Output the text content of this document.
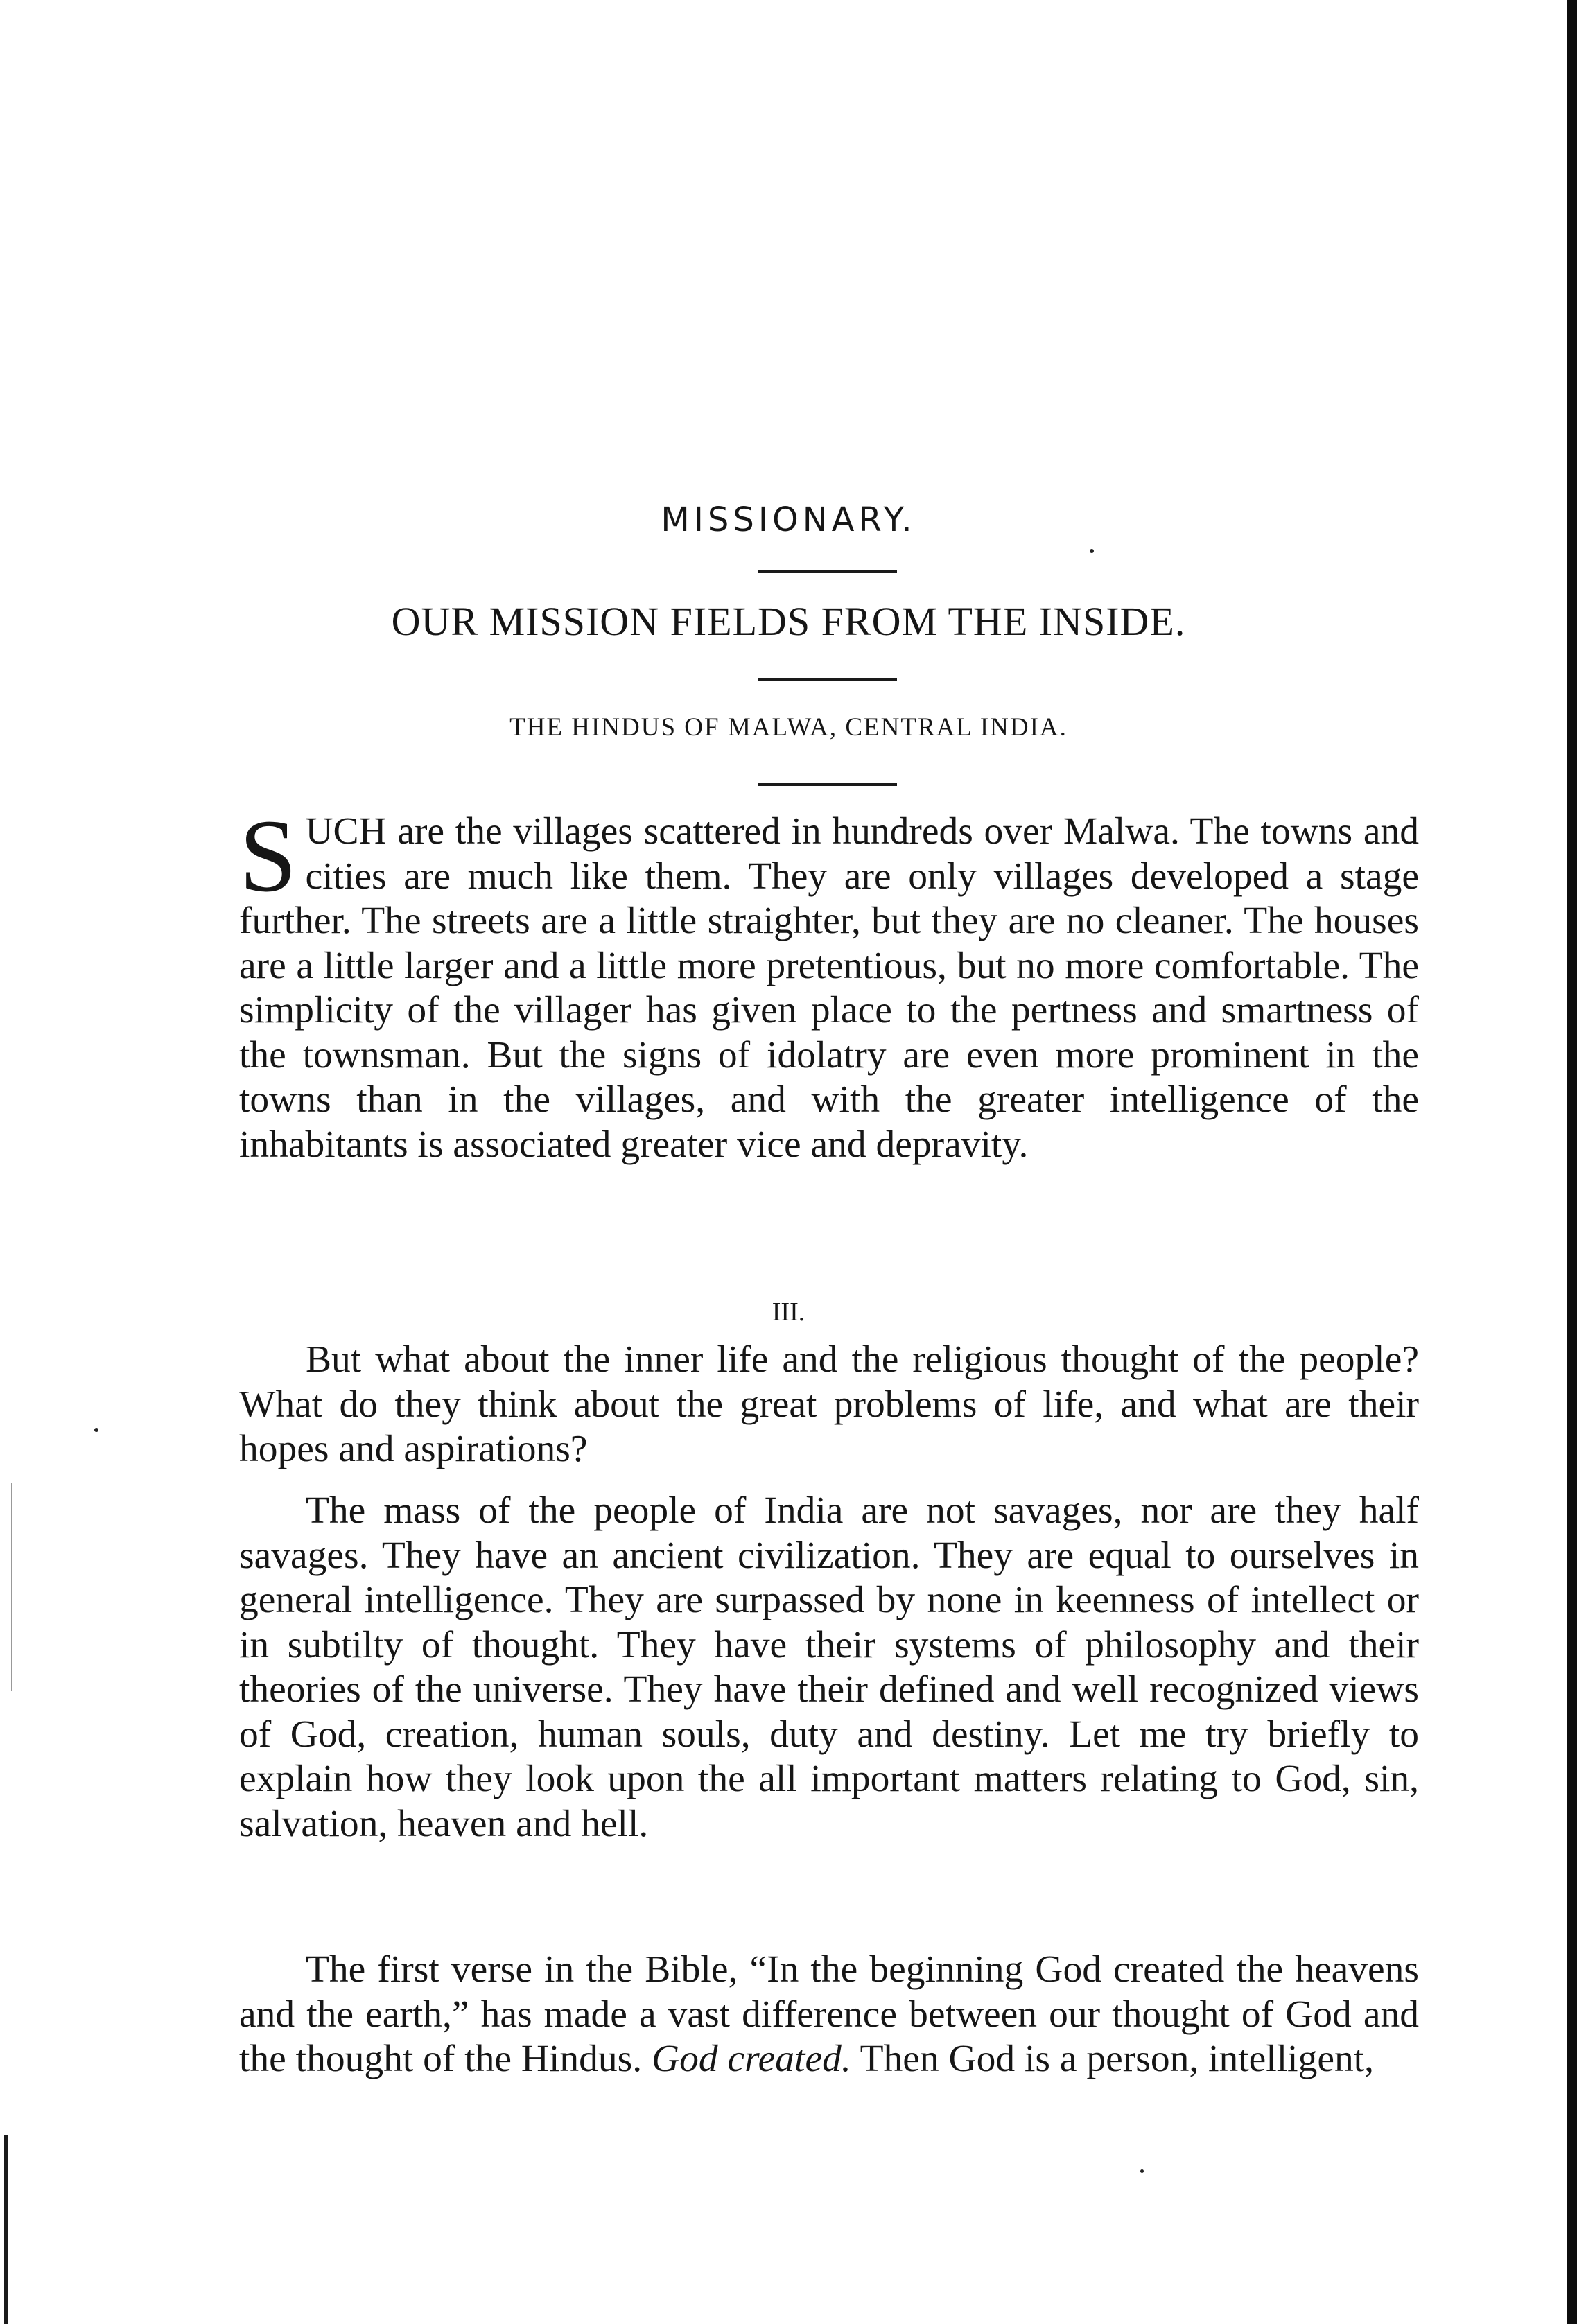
MISSIONARY.
OUR MISSION FIELDS FROM THE INSIDE.
THE HINDUS OF MALWA, CENTRAL INDIA.
SUCH are the villages scattered in hundreds over Malwa. The towns and cities are much like them. They are only villages developed a stage further. The streets are a little straighter, but they are no cleaner. The houses are a little larger and a little more pretentious, but no more comfortable. The simplicity of the villager has given place to the pertness and smartness of the townsman. But the signs of idolatry are even more prominent in the towns than in the villages, and with the greater intelligence of the inhabitants is associated greater vice and depravity.
III.
But what about the inner life and the religious thought of the people? What do they think about the great problems of life, and what are their hopes and aspirations?
The mass of the people of India are not savages, nor are they half savages. They have an ancient civilization. They are equal to ourselves in general intelligence. They are surpassed by none in keenness of intellect or in subtilty of thought. They have their systems of philosophy and their theories of the universe. They have their defined and well recognized views of God, creation, human souls, duty and destiny. Let me try briefly to explain how they look upon the all important matters relating to God, sin, salvation, heaven and hell.
The first verse in the Bible, “In the beginning God created the heavens and the earth,” has made a vast difference between our thought of God and the thought of the Hindus. God created. Then God is a person, intelligent,
